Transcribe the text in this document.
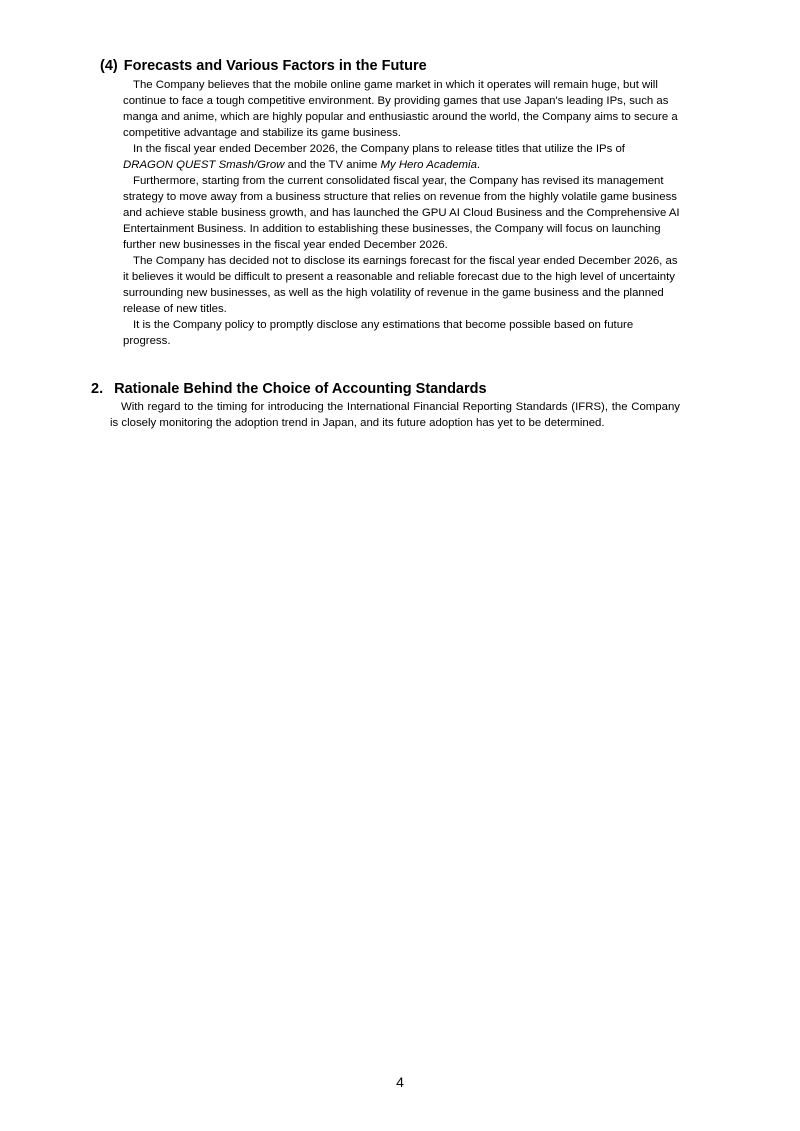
(4) Forecasts and Various Factors in the Future

The Company believes that the mobile online game market in which it operates will remain huge, but will continue to face a tough competitive environment. By providing games that use Japan's leading IPs, such as manga and anime, which are highly popular and enthusiastic around the world, the Company aims to secure a competitive advantage and stabilize its game business.

In the fiscal year ended December 2026, the Company plans to release titles that utilize the IPs of
DRAGON QUEST Smash/Grow and the TV anime My Hero Academia.

Furthermore, starting from the current consolidated fiscal year, the Company has revised its management strategy to move away from a business structure that relies on revenue from the highly volatile game business and achieve stable business growth, and has launched the GPU AI Cloud Business and the Comprehensive AI Entertainment Business. In addition to establishing these businesses, the Company will focus on launching further new businesses in the fiscal year ended December 2026.

The Company has decided not to disclose its earnings forecast for the fiscal year ended December 2026, as it believes it would be difficult to present a reasonable and reliable forecast due to the high level of uncertainty surrounding new businesses, as well as the high volatility of revenue in the game business and the planned release of new titles.

It is the Company policy to promptly disclose any estimations that become possible based on future progress.

2. Rationale Behind the Choice of Accounting Standards

With regard to the timing for introducing the International Financial Reporting Standards (IFRS), the Company is closely monitoring the adoption trend in Japan, and its future adoption has yet to be determined.

4
